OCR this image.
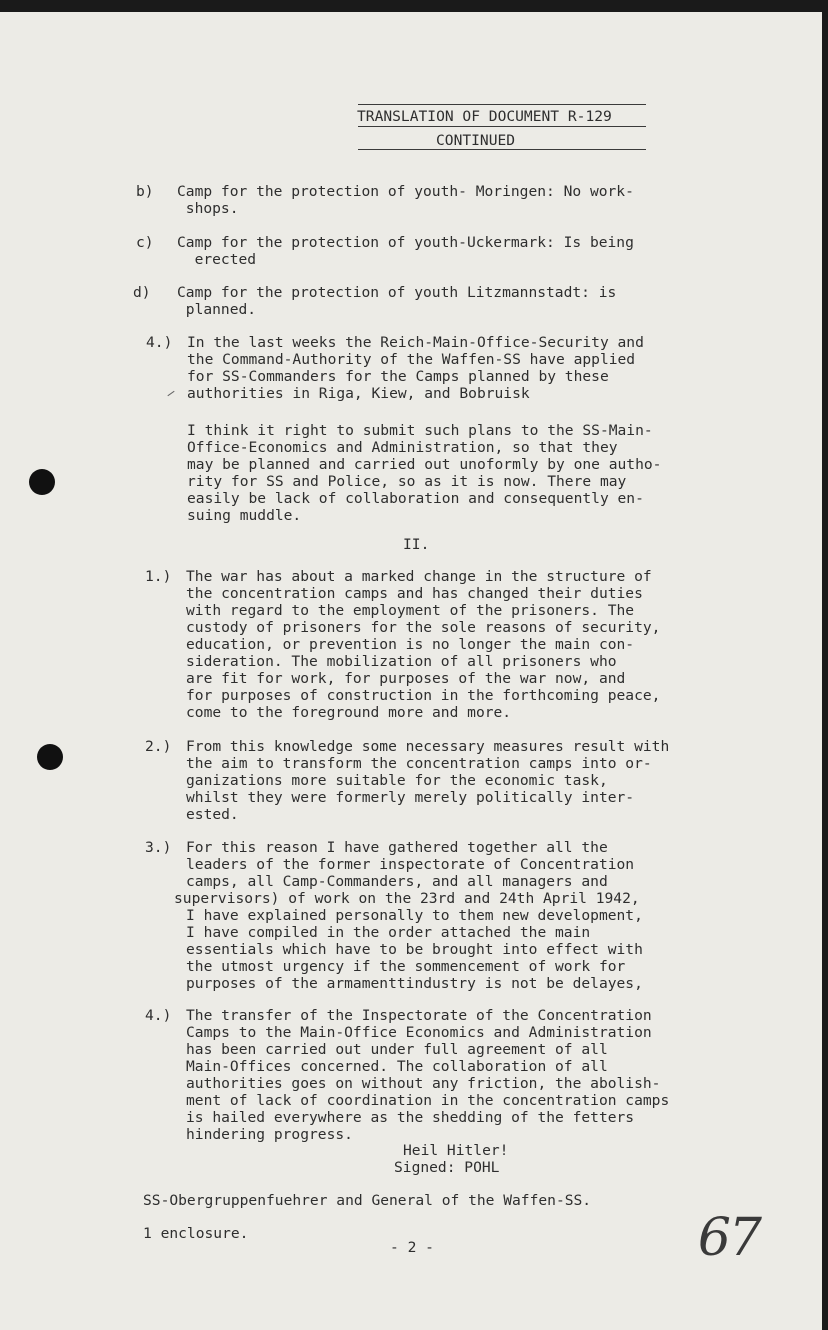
TRANSLATION OF DOCUMENT R-129

CONTINUED

b) Camp for the protection of youth- Moringen: No work-
shops.

c) Camp for the protection of youth-Uckermark: Is being
erected

d) Camp for the protection of youth Litzmannstadt: is
planned.

4.) In the last weeks the Reich-Main-Office-Security and
the Command-Authority of the Waffen-SS have applied
for SS-Commanders for the Camps planned by these
authorities in Riga, Kiew, and Bobruisk
I think it right to submit such plans to the SS-Main-
Office-Economics and Administration, so that they
may be planned and carried out unoformly by one autho-
rity for SS and Police, so as it is now. There may
easily be lack of collaboration and consequently en-
suing muddle.

II.

1.) The war has about a marked change in the structure of
the concentration camps and has changed their duties
with regard to the employment of the prisoners. The
custody of prisoners for the sole reasons of security,
education, or prevention is no longer the main con-
sideration. The mobilization of all prisoners who
are fit for work, for purposes of the war now, and
for purposes of construction in the forthcoming peace,
come to the foreground more and more.

2.) From this knowledge some necessary measures result with
the aim to transform the concentration camps into or-
ganizations more suitable for the economic task,
whilst they were formerly merely politically inter-
ested.

3.) For this reason I have gathered together all the
leaders of the former inspectorate of Concentration
camps, all Camp-Commanders, and all managers and
supervisors) of work on the 23rd and 24th April 1942,
I have explained personally to them new development,
I have compiled in the order attached the main
essentials which have to be brought into effect with
the utmost urgency if the sommencement of work for
purposes of the armamenttindustry is not be delayes,

4.) The transfer of the Inspectorate of the Concentration
Camps to the Main-Office Economics and Administration
has been carried out under full agreement of all
Main-Offices concerned. The collaboration of all
authorities goes on without any friction, the abolish-
ment of lack of coordination in the concentration camps
is hailed everywhere as the shedding of the fetters
hindering progress.

Heil Hitler!

Signed: POHL

SS-Obergruppenfuehrer and General of the Waffen-SS.

1 enclosure.

- 2 -	67
